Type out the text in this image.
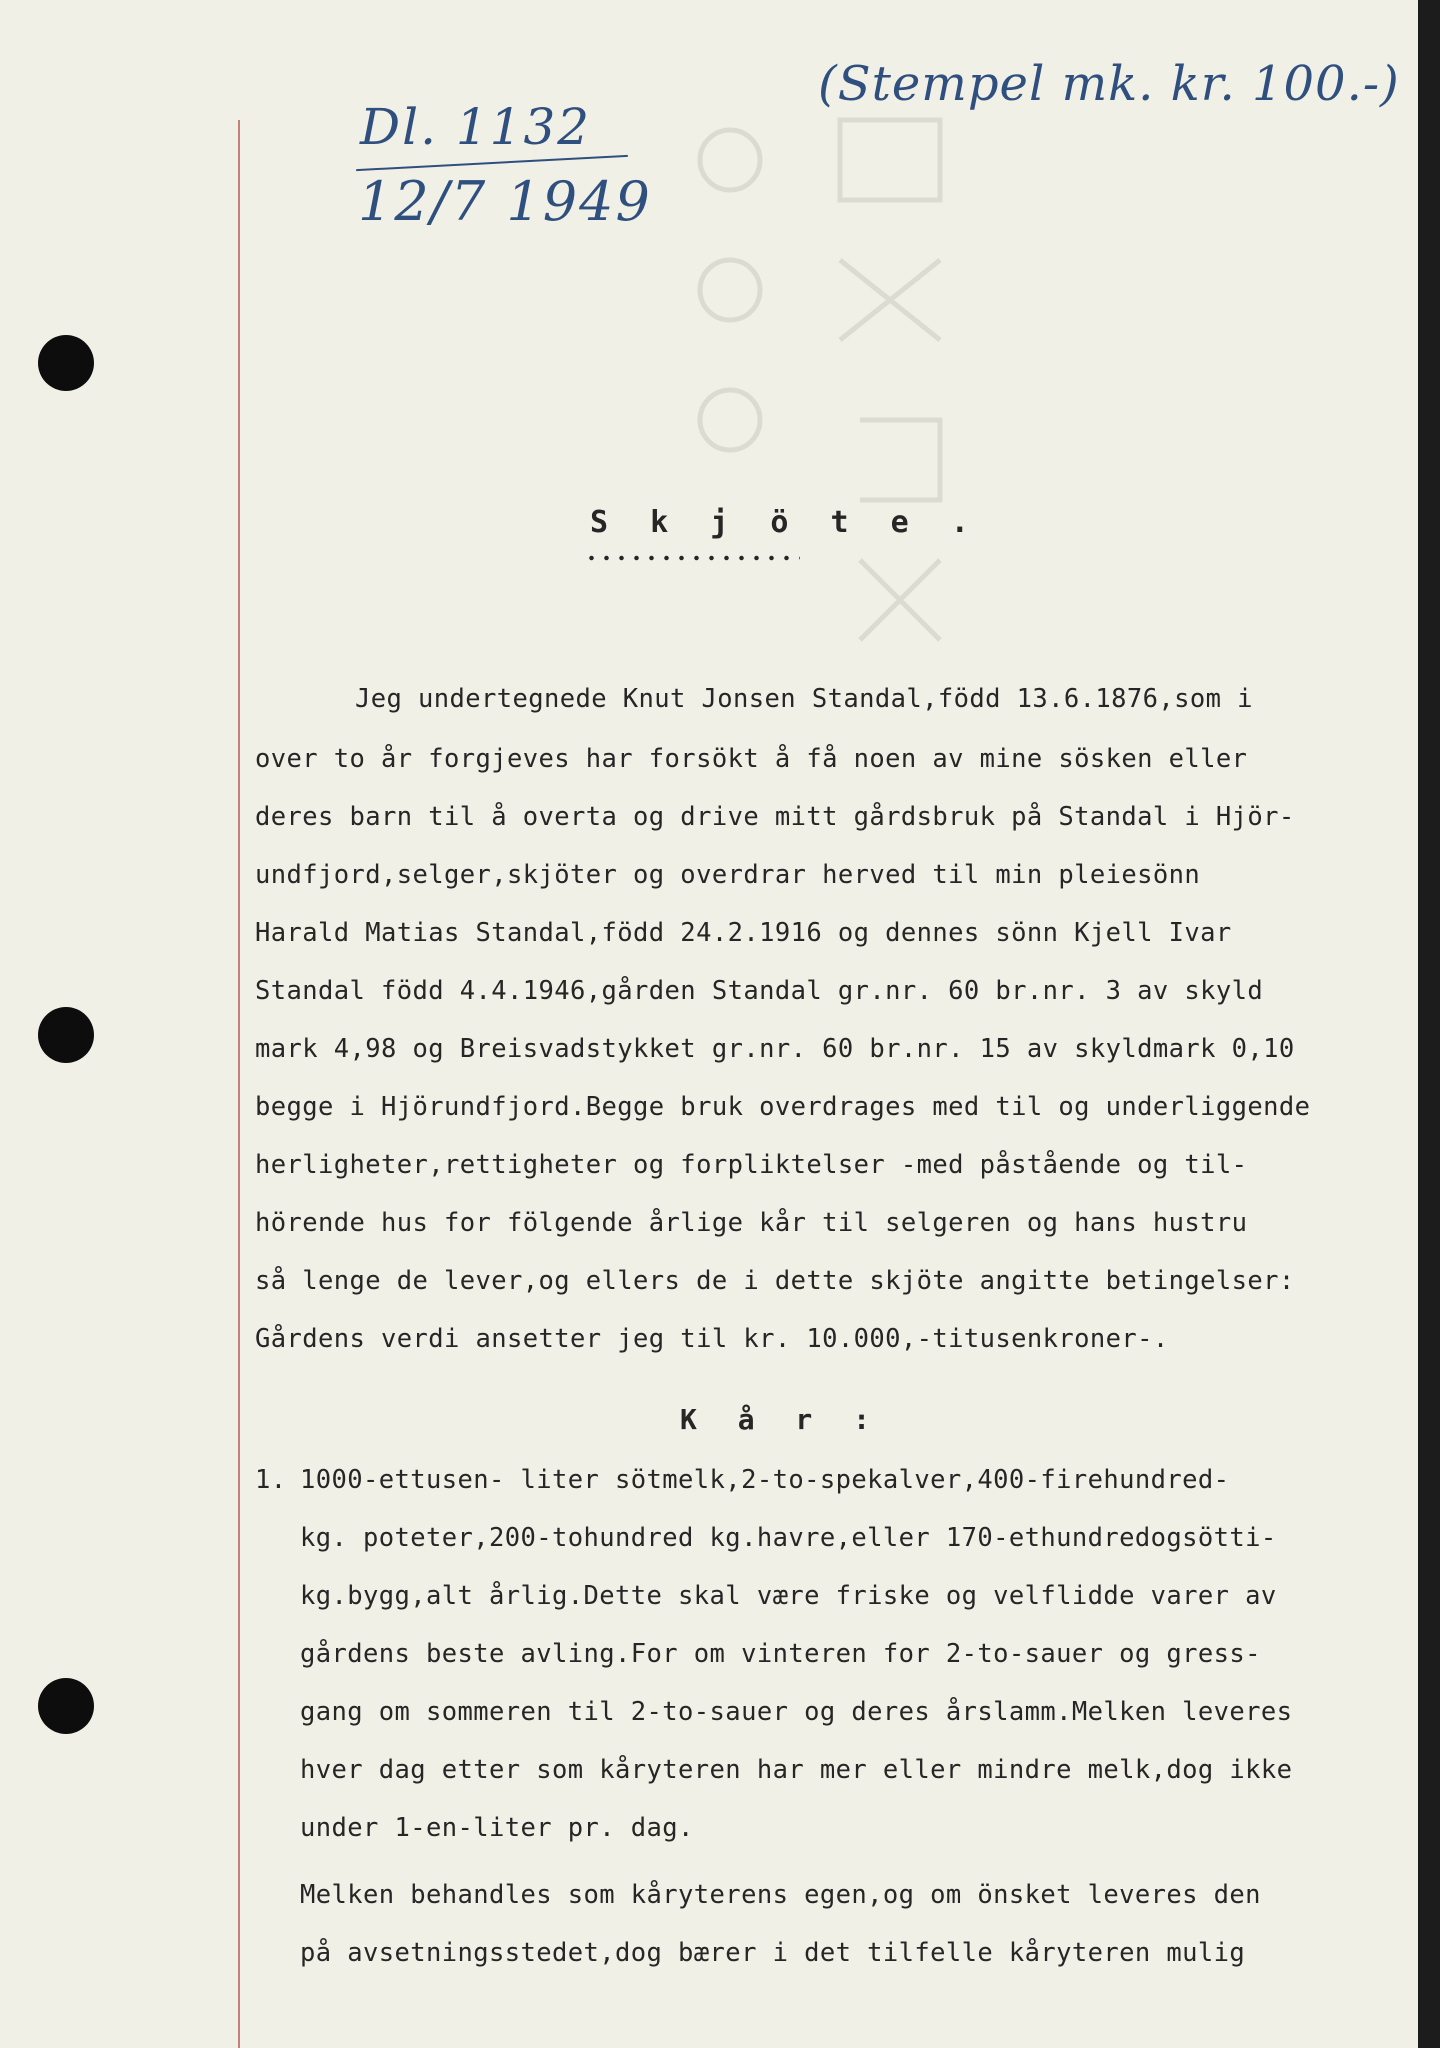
Dl. 1132
12/7 1949
(Stempel mk. kr. 100.-)
S k j ö t e .
Jeg undertegnede Knut Jonsen Standal,född 13.6.1876,som i
over to år forgjeves har forsökt å få noen av mine sösken eller
deres barn til å overta og drive mitt gårdsbruk på Standal i Hjör-
undfjord,selger,skjöter og overdrar herved til min pleiesönn
Harald Matias Standal,född 24.2.1916 og dennes sönn Kjell Ivar
Standal född 4.4.1946,gården Standal gr.nr. 60 br.nr. 3 av skyld
mark 4,98 og Breisvadstykket gr.nr. 60 br.nr. 15 av skyldmark 0,10
begge i Hjörundfjord.Begge bruk overdrages med til og underliggende
herligheter,rettigheter og forpliktelser -med påstående og til-
hörende hus for fölgende årlige kår til selgeren og hans hustru
så lenge de lever,og ellers de i dette skjöte angitte betingelser:
Gårdens verdi ansetter jeg til kr. 10.000,-titusenkroner-.
K å r :
1. 1000-ettusen- liter sötmelk,2-to-spekalver,400-firehundred-
kg. poteter,200-tohundred kg.havre,eller 170-ethundredogsötti-
kg.bygg,alt årlig.Dette skal være friske og velflidde varer av
gårdens beste avling.For om vinteren for 2-to-sauer og gress-
gang om sommeren til 2-to-sauer og deres årslamm.Melken leveres
hver dag etter som kåryteren har mer eller mindre melk,dog ikke
under 1-en-liter pr. dag.
Melken behandles som kåryterens egen,og om önsket leveres den
på avsetningsstedet,dog bærer i det tilfelle kåryteren mulig
